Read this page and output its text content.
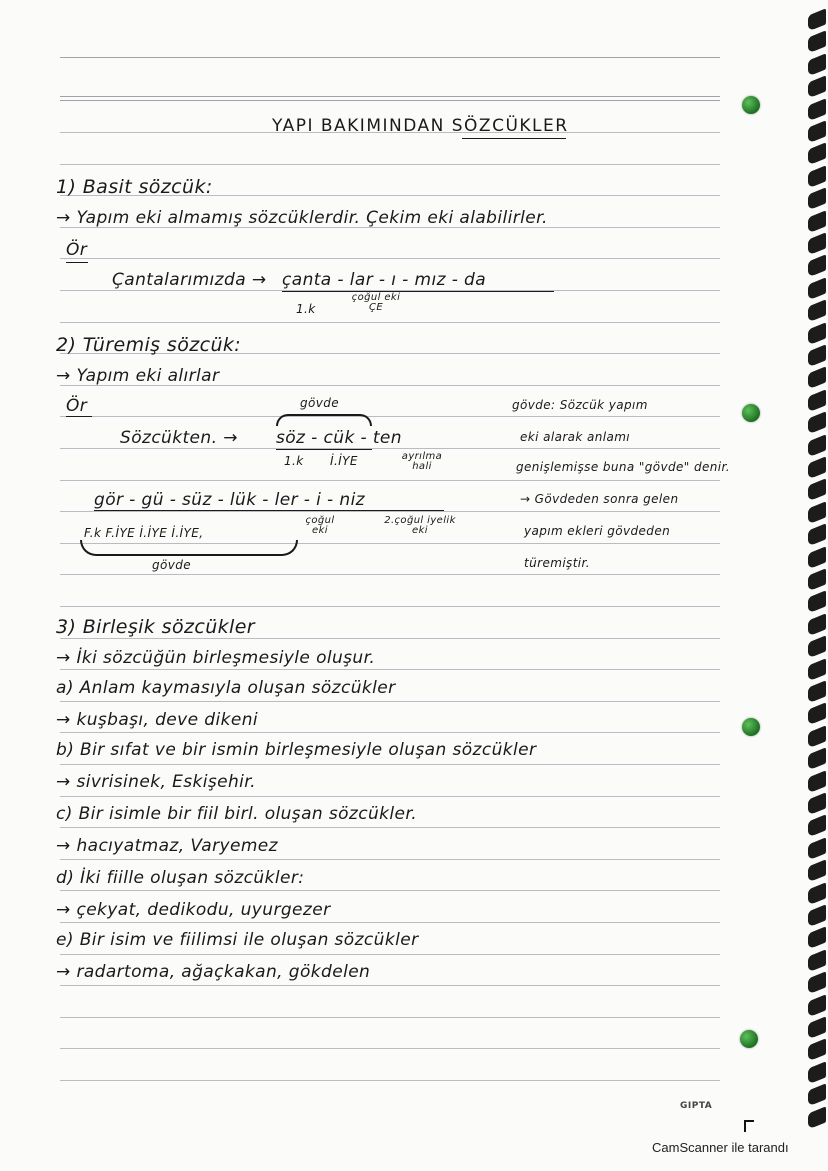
YAPI BAKIMINDAN SÖZCÜKLER
1) Basit sözcük:
→ Yapım eki almamış sözcüklerdir. Çekim eki alabilirler.
Ör
Çantalarımızda → çanta - lar - ı - mız - da
1.k
çoğul eki ÇE
2) Türemiş sözcük:
→ Yapım eki alırlar
Ör	gövde
Sözcükten. → söz - cük - ten
1.k İ.İYE	ayrılma hali
gör - gü - süz - lük - ler - i - niz
F.k F.İYE İ.İYE İ.İYE,
çoğul eki
2.çoğul iyelik eki
gövde
gövde: Sözcük yapım
eki alarak anlamı
genişlemişse buna "gövde" denir.
→ Gövdeden sonra gelen
yapım ekleri gövdeden
türemiştir.
3) Birleşik sözcükler
→ İki sözcüğün birleşmesiyle oluşur.
a) Anlam kaymasıyla oluşan sözcükler
→ kuşbaşı, deve dikeni
b) Bir sıfat ve bir ismin birleşmesiyle oluşan sözcükler
→ sivrisinek, Eskişehir.
c) Bir isimle bir fiil birl. oluşan sözcükler.
→ hacıyatmaz, Varyemez
d) İki fiille oluşan sözcükler:
→ çekyat, dedikodu, uyurgezer
e) Bir isim ve fiilimsi ile oluşan sözcükler
→ radartoma, ağaçkakan, gökdelen
GIPTA
CamScanner ile tarandı
